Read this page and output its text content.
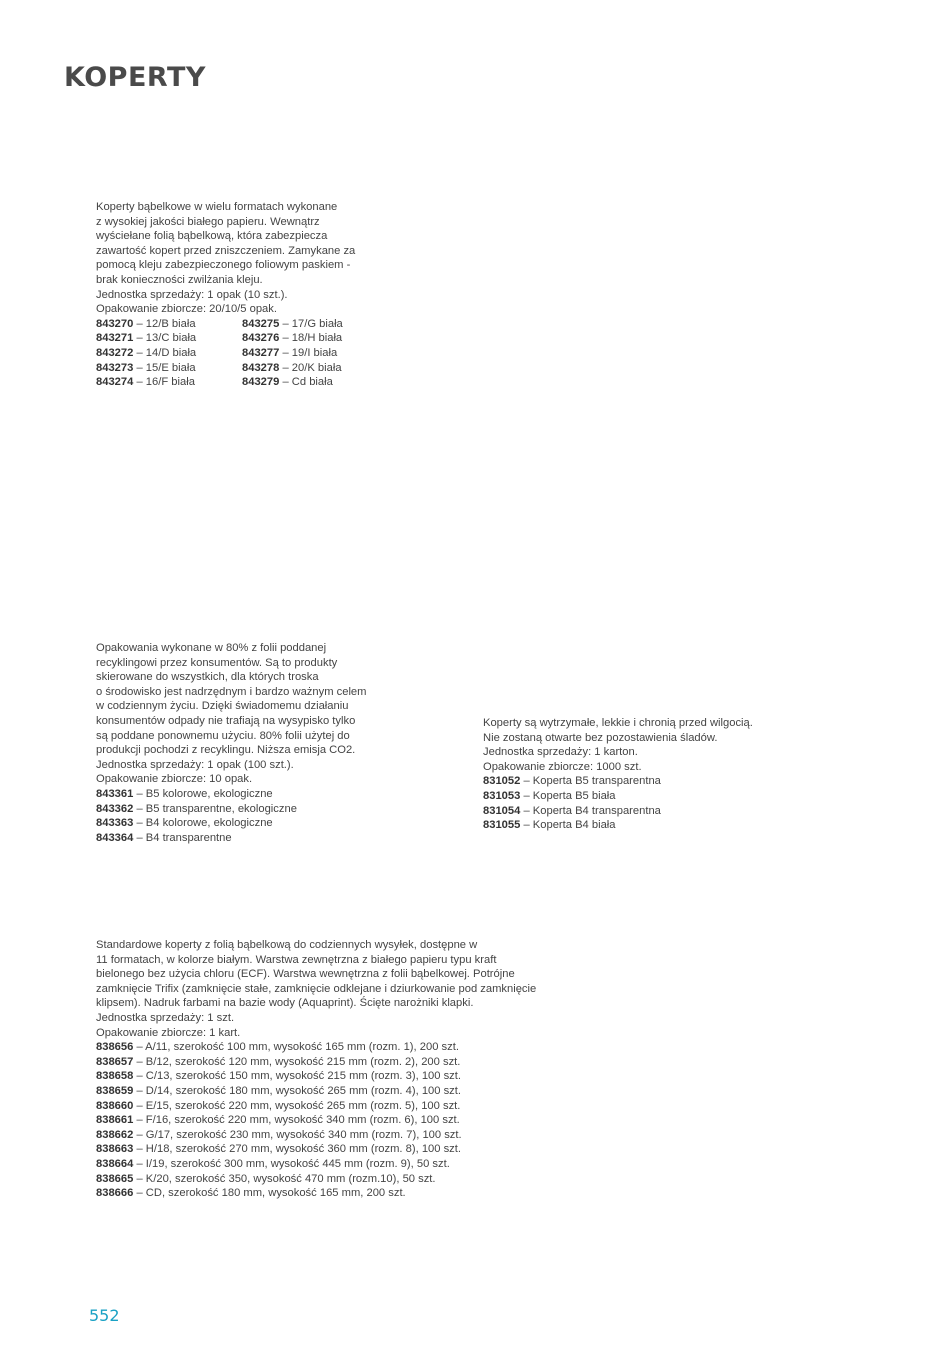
KOPERTY

Koperty bąbelkowe w wielu formatach wykonane

z wysokiej jakości białego papieru. Wewnątrz

wyściełane folią bąbelkową, która zabezpiecza

zawartość kopert przed zniszczeniem. Zamykane za

pomocą kleju zabezpieczonego foliowym paskiem -

brak konieczności zwilżania kleju.

Jednostka sprzedaży: 1 opak (10 szt.).

Opakowanie zbiorcze: 20/10/5 opak.

843270 – 12/B biała	843275 – 17/G biała
843271 – 13/C biała	843276 – 18/H biała
843272 – 14/D biała	843277 – 19/I biała
843273 – 15/E biała	843278 – 20/K biała
843274 – 16/F biała	843279 – Cd biała

Opakowania wykonane w 80% z folii poddanej

recyklingowi przez konsumentów. Są to produkty

skierowane do wszystkich, dla których troska

o środowisko jest nadrzędnym i bardzo ważnym celem

w codziennym życiu. Dzięki świadomemu działaniu

konsumentów odpady nie trafiają na wysypisko tylko

są poddane ponownemu użyciu. 80% folii użytej do

produkcji pochodzi z recyklingu. Niższa emisja CO2.

Jednostka sprzedaży: 1 opak (100 szt.).

Opakowanie zbiorcze: 10 opak.

843361 – B5 kolorowe, ekologiczne

843362 – B5 transparentne, ekologiczne

843363 – B4 kolorowe, ekologiczne

843364 – B4 transparentne

Koperty są wytrzymałe, lekkie i chronią przed wilgocią.

Nie zostaną otwarte bez pozostawienia śladów.

Jednostka sprzedaży: 1 karton.

Opakowanie zbiorcze: 1000 szt.

831052 – Koperta B5 transparentna

831053 – Koperta B5 biała

831054 – Koperta B4 transparentna

831055 – Koperta B4 biała

Standardowe koperty z folią bąbelkową do codziennych wysyłek, dostępne w

11 formatach, w kolorze białym. Warstwa zewnętrzna z białego papieru typu kraft

bielonego bez użycia chloru (ECF). Warstwa wewnętrzna z folii bąbelkowej. Potrójne

zamknięcie Trifix (zamknięcie stałe, zamknięcie odklejane i dziurkowanie pod zamknięcie

klipsem). Nadruk farbami na bazie wody (Aquaprint). Ścięte narożniki klapki.

Jednostka sprzedaży: 1 szt.

Opakowanie zbiorcze: 1 kart.

838656 – A/11, szerokość 100 mm, wysokość 165 mm (rozm. 1), 200 szt.

838657 – B/12, szerokość 120 mm, wysokość 215 mm (rozm. 2), 200 szt.

838658 – C/13, szerokość 150 mm, wysokość 215 mm (rozm. 3), 100 szt.

838659 – D/14, szerokość 180 mm, wysokość 265 mm (rozm. 4), 100 szt.

838660 – E/15, szerokość 220 mm, wysokość 265 mm (rozm. 5), 100 szt.

838661 – F/16, szerokość 220 mm, wysokość 340 mm (rozm. 6), 100 szt.

838662 – G/17, szerokość 230 mm, wysokość 340 mm (rozm. 7), 100 szt.

838663 – H/18, szerokość 270 mm, wysokość 360 mm (rozm. 8), 100 szt.

838664 – I/19, szerokość 300 mm, wysokość 445 mm (rozm. 9), 50 szt.

838665 – K/20, szerokość 350, wysokość 470 mm (rozm.10), 50 szt.

838666 – CD, szerokość 180 mm, wysokość 165 mm, 200 szt.

552
